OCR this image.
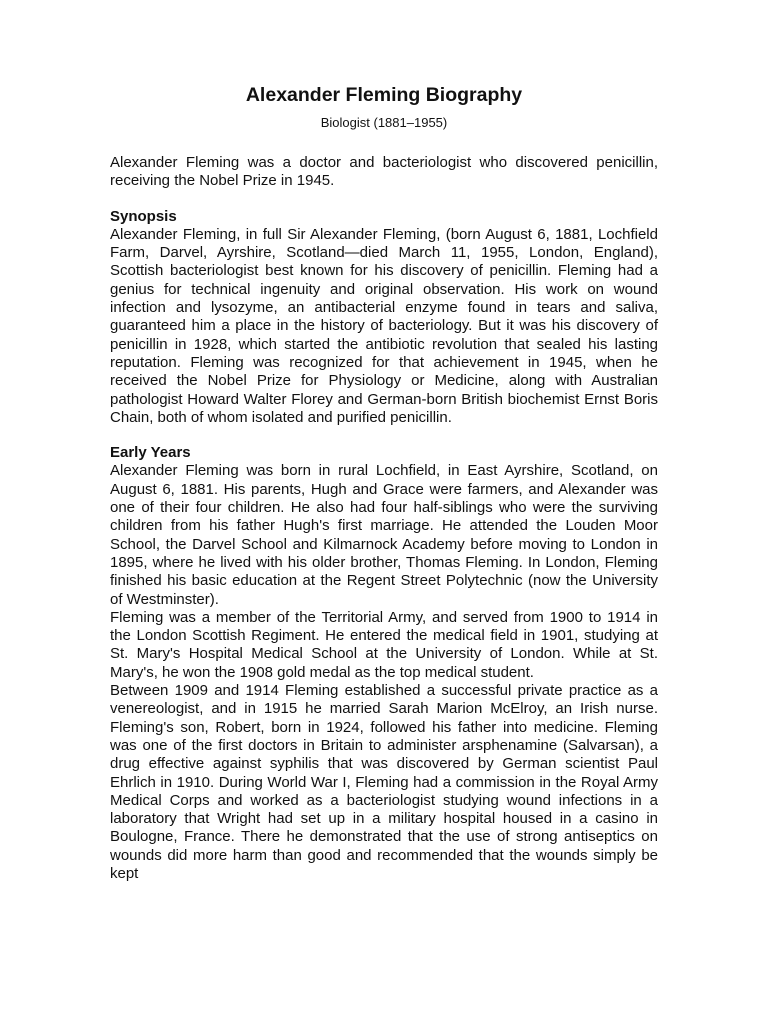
Alexander Fleming Biography
Biologist (1881–1955)

Alexander Fleming was a doctor and bacteriologist who discovered penicillin, receiving the Nobel Prize in 1945.

Synopsis

Alexander Fleming, in full Sir Alexander Fleming, (born August 6, 1881, Lochfield Farm, Darvel, Ayrshire, Scotland—died March 11, 1955, London, England), Scottish bacteriologist best known for his discovery of penicillin. Fleming had a genius for technical ingenuity and original observation. His work on wound infection and lysozyme, an antibacterial enzyme found in tears and saliva, guaranteed him a place in the history of bacteriology. But it was his discovery of penicillin in 1928, which started the antibiotic revolution that sealed his lasting reputation. Fleming was recognized for that achievement in 1945, when he received the Nobel Prize for Physiology or Medicine, along with Australian pathologist Howard Walter Florey and German-born British biochemist Ernst Boris Chain, both of whom isolated and purified penicillin.

Early Years

Alexander Fleming was born in rural Lochfield, in East Ayrshire, Scotland, on August 6, 1881. His parents, Hugh and Grace were farmers, and Alexander was one of their four children. He also had four half-siblings who were the surviving children from his father Hugh's first marriage. He attended the Louden Moor School, the Darvel School and Kilmarnock Academy before moving to London in 1895, where he lived with his older brother, Thomas Fleming. In London, Fleming finished his basic education at the Regent Street Polytechnic (now the University of Westminster).

Fleming was a member of the Territorial Army, and served from 1900 to 1914 in the London Scottish Regiment. He entered the medical field in 1901, studying at St. Mary's Hospital Medical School at the University of London. While at St. Mary's, he won the 1908 gold medal as the top medical student.

Between 1909 and 1914 Fleming established a successful private practice as a venereologist, and in 1915 he married Sarah Marion McElroy, an Irish nurse. Fleming's son, Robert, born in 1924, followed his father into medicine. Fleming was one of the first doctors in Britain to administer arsphenamine (Salvarsan), a drug effective against syphilis that was discovered by German scientist Paul Ehrlich in 1910. During World War I, Fleming had a commission in the Royal Army Medical Corps and worked as a bacteriologist studying wound infections in a laboratory that Wright had set up in a military hospital housed in a casino in Boulogne, France. There he demonstrated that the use of strong antiseptics on wounds did more harm than good and recommended that the wounds simply be kept
